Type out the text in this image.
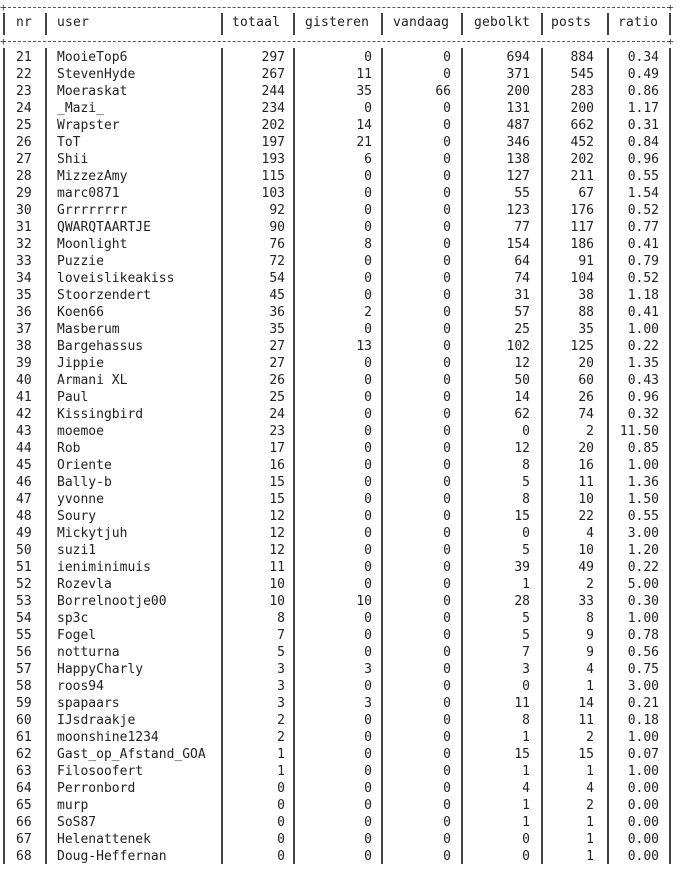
+	+
+	+
nr	user	totaal	gisteren	vandaag	gebolkt	posts	ratio
21	MooieTop6	297	0	0	694	884	0.34
22	StevenHyde	267	11	0	371	545	0.49
23	Moeraskat	244	35	66	200	283	0.86
24	_Mazi_	234	0	0	131	200	1.17
25	Wrapster	202	14	0	487	662	0.31
26	ToT	197	21	0	346	452	0.84
27	Shii	193	6	0	138	202	0.96
28	MizzezAmy	115	0	0	127	211	0.55
29	marc0871	103	0	0	55	67	1.54
30	Grrrrrrrr	92	0	0	123	176	0.52
31	QWARQTAARTJE	90	0	0	77	117	0.77
32	Moonlight	76	8	0	154	186	0.41
33	Puzzie	72	0	0	64	91	0.79
34	loveislikeakiss	54	0	0	74	104	0.52
35	Stoorzendert	45	0	0	31	38	1.18
36	Koen66	36	2	0	57	88	0.41
37	Masberum	35	0	0	25	35	1.00
38	Bargehassus	27	13	0	102	125	0.22
39	Jippie	27	0	0	12	20	1.35
40	Armani XL	26	0	0	50	60	0.43
41	Paul	25	0	0	14	26	0.96
42	Kissingbird	24	0	0	62	74	0.32
43	moemoe	23	0	0	0	2	11.50
44	Rob	17	0	0	12	20	0.85
45	Oriente	16	0	0	8	16	1.00
46	Bally-b	15	0	0	5	11	1.36
47	yvonne	15	0	0	8	10	1.50
48	Soury	12	0	0	15	22	0.55
49	Mickytjuh	12	0	0	0	4	3.00
50	suzi1	12	0	0	5	10	1.20
51	ieniminimuis	11	0	0	39	49	0.22
52	Rozevla	10	0	0	1	2	5.00
53	Borrelnootje00	10	10	0	28	33	0.30
54	sp3c	8	0	0	5	8	1.00
55	Fogel	7	0	0	5	9	0.78
56	notturna	5	0	0	7	9	0.56
57	HappyCharly	3	3	0	3	4	0.75
58	roos94	3	0	0	0	1	3.00
59	spapaars	3	3	0	11	14	0.21
60	IJsdraakje	2	0	0	8	11	0.18
61	moonshine1234	2	0	0	1	2	1.00
62	Gast_op_Afstand_GOA	1	0	0	15	15	0.07
63	Filosoofert	1	0	0	1	1	1.00
64	Perronbord	0	0	0	4	4	0.00
65	murp	0	0	0	1	2	0.00
66	SoS87	0	0	0	1	1	0.00
67	Helenattenek	0	0	0	0	1	0.00
68	Doug-Heffernan	0	0	0	0	1	0.00
